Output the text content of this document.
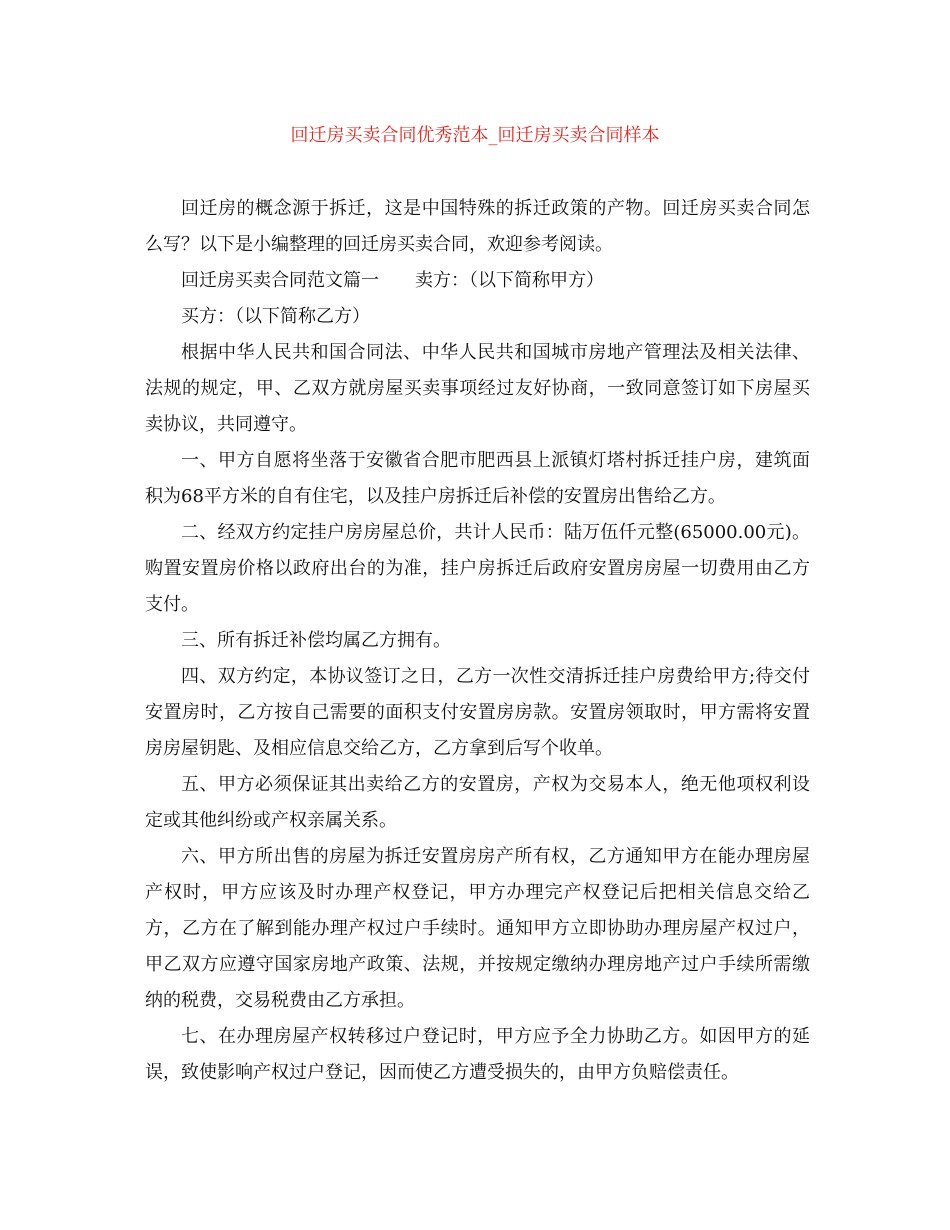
回迁房买卖合同优秀范本_回迁房买卖合同样本

回迁房的概念源于拆迁，这是中国特殊的拆迁政策的产物。回迁房买卖合同怎么写？以下是小编整理的回迁房买卖合同，欢迎参考阅读。

回迁房买卖合同范文篇一　　卖方：（以下简称甲方）

买方：（以下简称乙方）

根据中华人民共和国合同法、中华人民共和国城市房地产管理法及相关法律、法规的规定，甲、乙双方就房屋买卖事项经过友好协商，一致同意签订如下房屋买卖协议，共同遵守。

一、甲方自愿将坐落于安徽省合肥市肥西县上派镇灯塔村拆迁挂户房，建筑面积为68平方米的自有住宅，以及挂户房拆迁后补偿的安置房出售给乙方。

二、经双方约定挂户房房屋总价，共计人民币：陆万伍仟元整(65000.00元)。购置安置房价格以政府出台的为准，挂户房拆迁后政府安置房房屋一切费用由乙方支付。

三、所有拆迁补偿均属乙方拥有。

四、双方约定，本协议签订之日，乙方一次性交清拆迁挂户房费给甲方;待交付安置房时，乙方按自己需要的面积支付安置房房款。安置房领取时，甲方需将安置房房屋钥匙、及相应信息交给乙方，乙方拿到后写个收单。

五、甲方必须保证其出卖给乙方的安置房，产权为交易本人，绝无他项权利设定或其他纠纷或产权亲属关系。

六、甲方所出售的房屋为拆迁安置房房产所有权，乙方通知甲方在能办理房屋产权时，甲方应该及时办理产权登记，甲方办理完产权登记后把相关信息交给乙方，乙方在了解到能办理产权过户手续时。通知甲方立即协助办理房屋产权过户，甲乙双方应遵守国家房地产政策、法规，并按规定缴纳办理房地产过户手续所需缴纳的税费，交易税费由乙方承担。

七、在办理房屋产权转移过户登记时，甲方应予全力协助乙方。如因甲方的延误，致使影响产权过户登记，因而使乙方遭受损失的，由甲方负赔偿责任。
